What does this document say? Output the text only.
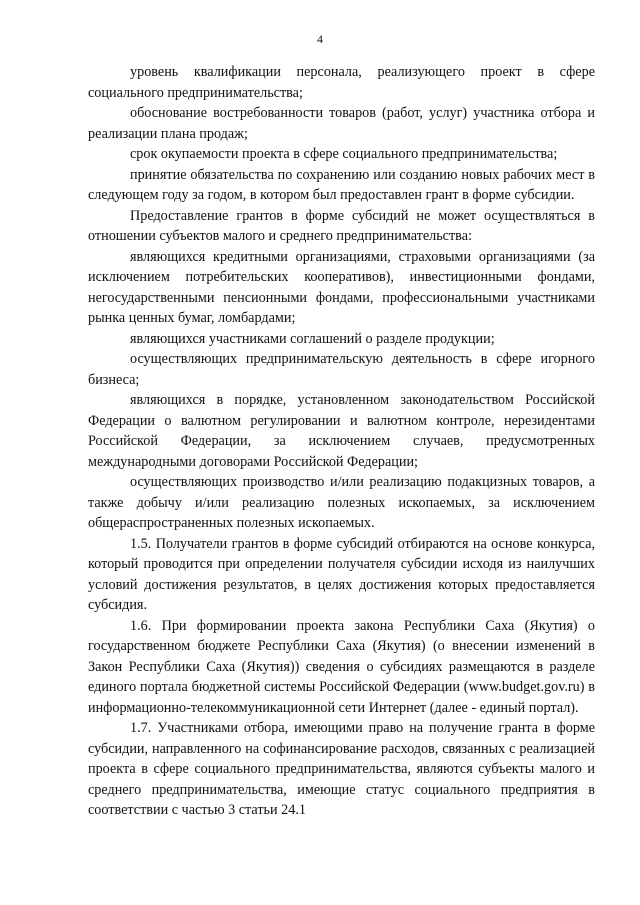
4

уровень квалификации персонала, реализующего проект в сфере социального предпринимательства;

обоснование востребованности товаров (работ, услуг) участника отбора и реализации плана продаж;

срок окупаемости проекта в сфере социального предпринимательства;

принятие обязательства по сохранению или созданию новых рабочих мест в следующем году за годом, в котором был предоставлен грант в форме субсидии.

Предоставление грантов в форме субсидий не может осуществляться в отношении субъектов малого и среднего предпринимательства:

являющихся кредитными организациями, страховыми организациями (за исключением потребительских кооперативов), инвестиционными фондами, негосударственными пенсионными фондами, профессиональными участниками рынка ценных бумаг, ломбардами;

являющихся участниками соглашений о разделе продукции;

осуществляющих предпринимательскую деятельность в сфере игорного бизнеса;

являющихся в порядке, установленном законодательством Российской Федерации о валютном регулировании и валютном контроле, нерезидентами Российской Федерации, за исключением случаев, предусмотренных международными договорами Российской Федерации;

осуществляющих производство и/или реализацию подакцизных товаров, а также добычу и/или реализацию полезных ископаемых, за исключением общераспространенных полезных ископаемых.

1.5. Получатели грантов в форме субсидий отбираются на основе конкурса, который проводится при определении получателя субсидии исходя из наилучших условий достижения результатов, в целях достижения которых предоставляется субсидия.

1.6. При формировании проекта закона Республики Саха (Якутия) о государственном бюджете Республики Саха (Якутия) (о внесении изменений в Закон Республики Саха (Якутия)) сведения о субсидиях размещаются в разделе единого портала бюджетной системы Российской Федерации (www.budget.gov.ru) в информационно-телекоммуникационной сети Интернет (далее - единый портал).

1.7. Участниками отбора, имеющими право на получение гранта в форме субсидии, направленного на софинансирование расходов, связанных с реализацией проекта в сфере социального предпринимательства, являются субъекты малого и среднего предпринимательства, имеющие статус социального предприятия в соответствии с частью 3 статьи 24.1
